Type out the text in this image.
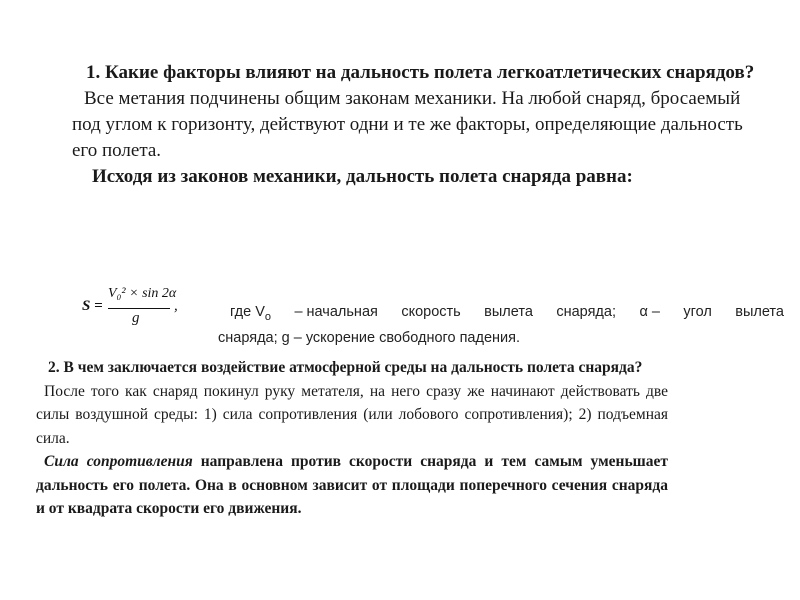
1. Какие факторы влияют на дальность полета легкоатлетических снарядов?

Все метания подчинены общим законам механики. На любой снаряд, бросаемый под углом к горизонту, действуют одни и те же факторы, определяющие дальность его полета.

Исходя из законов механики, дальность полета снаряда равна:

S =
V₀² × sin 2α
g
,	где $V_o$ – начальная скорость вылета снаряда; α – угол вылета

снаряда; g – ускорение свободного падения.

2. В чем заключается воздействие атмосферной среды на дальность полета снаряда?

После того как снаряд покинул руку метателя, на него сразу же начинают действовать две силы воздушной среды: 1) сила сопротивления (или лобового сопротивления); 2) подъемная сила.

Сила сопротивления направлена против скорости снаряда и тем самым уменьшает дальность его полета. Она в основном зависит от площади поперечного сечения снаряда и от квадрата скорости его движения.
